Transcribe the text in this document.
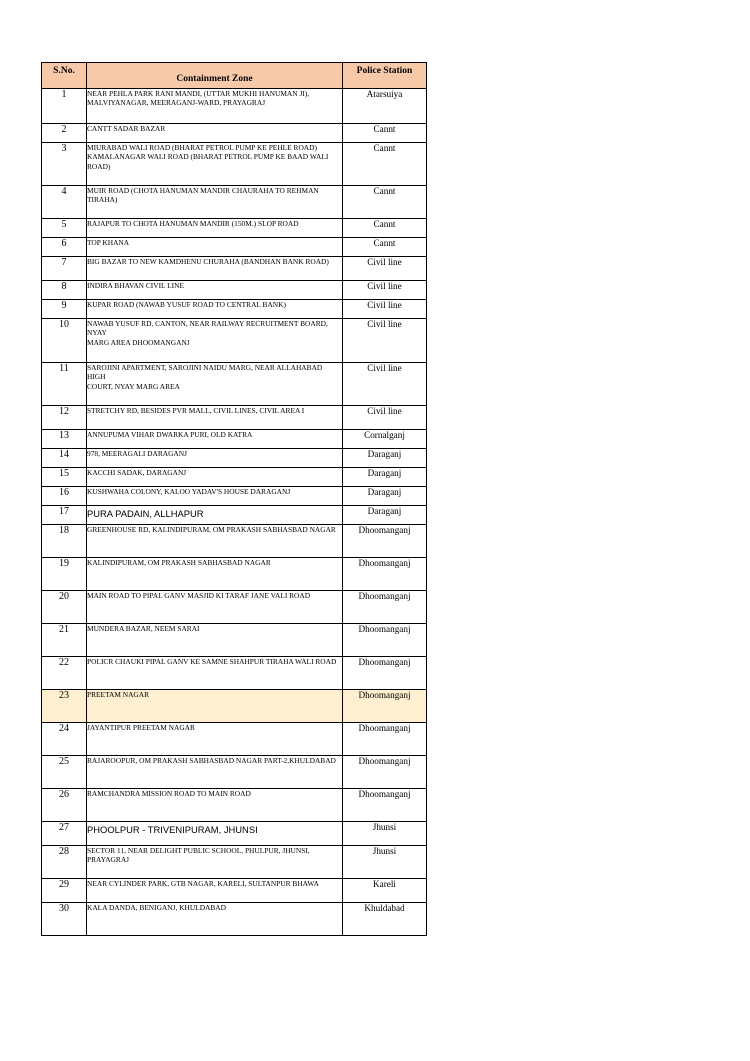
S.No.	Containment Zone	Police Station
1	NEAR PEHLA PARK RANI MANDI, (UTTAR MUKHI HANUMAN JI),
MALVIYANAGAR, MEERAGANJ-WARD, PRAYAGRAJ	Atarsuiya
2	CANTT SADAR BAZAR	Cannt
3	MIURABAD WALI ROAD (BHARAT PETROL PUMP KE PEHLE ROAD)
KAMALANAGAR WALI ROAD (BHARAT PETROL PUMP KE BAAD WALI ROAD)	Cannt
4	MUIR ROAD (CHOTA HANUMAN MANDIR CHAURAHA TO REHMAN TIRAHA)	Cannt
5	RAJAPUR TO CHOTA HANUMAN MANDIR (150M.) SLOP ROAD	Cannt
6	TOP KHANA	Cannt
7	BIG BAZAR TO NEW KAMDHENU CHURAHA (BANDHAN BANK ROAD)	Civil line
8	INDIRA BHAVAN CIVIL LINE	Civil line
9	KUPAR ROAD (NAWAB YUSUF ROAD TO CENTRAL BANK)	Civil line
10	NAWAB YUSUF RD, CANTON, NEAR RAILWAY RECRUITMENT BOARD, NYAY
MARG AREA DHOOMANGANJ	Civil line
11	SAROJINI APARTMENT, SAROJINI NAIDU MARG, NEAR ALLAHABAD HIGH
COURT, NYAY MARG AREA	Civil line
12	STRETCHY RD, BESIDES PVR MALL, CIVIL LINES, CIVIL AREA I	Civil line
13	ANNUPUMA VIHAR DWARKA PURI, OLD KATRA	Cornalganj
14	978, MEERAGALI DARAGANJ	Daraganj
15	KACCHI SADAK, DARAGANJ	Daraganj
16	KUSHWAHA COLONY, KALOO YADAV'S HOUSE DARAGANJ	Daraganj
17	PURA PADAIN, ALLHAPUR	Daraganj
18	GREENHOUSE RD, KALINDIPURAM, OM PRAKASH SABHASBAD NAGAR	Dhoomanganj
19	KALINDIPURAM, OM PRAKASH SABHASBAD NAGAR	Dhoomanganj
20	MAIN ROAD TO PIPAL GANV MASJID KI TARAF JANE VALI ROAD	Dhoomanganj
21	MUNDERA BAZAR, NEEM SARAI	Dhoomanganj
22	POLICR CHAUKI PIPAL GANV KE SAMNE SHAHPUR TIRAHA WALI ROAD	Dhoomanganj
23	PREETAM NAGAR	Dhoomanganj
24	JAYANTIPUR PREETAM NAGAR	Dhoomanganj
25	RAJAROOPUR, OM PRAKASH SABHASBAD NAGAR PART-2,KHULDABAD	Dhoomanganj
26	RAMCHANDRA MISSION ROAD TO MAIN ROAD	Dhoomanganj
27	PHOOLPUR - TRIVENIPURAM, JHUNSI	Jhunsi
28	SECTOR 11, NEAR DELIGHT PUBLIC SCHOOL, PHULPUR, JHUNSI, PRAYAGRAJ	Jhunsi
29	NEAR CYLINDER PARK, GTB NAGAR, KARELI, SULTANPUR BHAWA	Kareli
30	KALA DANDA, BENIGANJ, KHULDABAD	Khuldabad
